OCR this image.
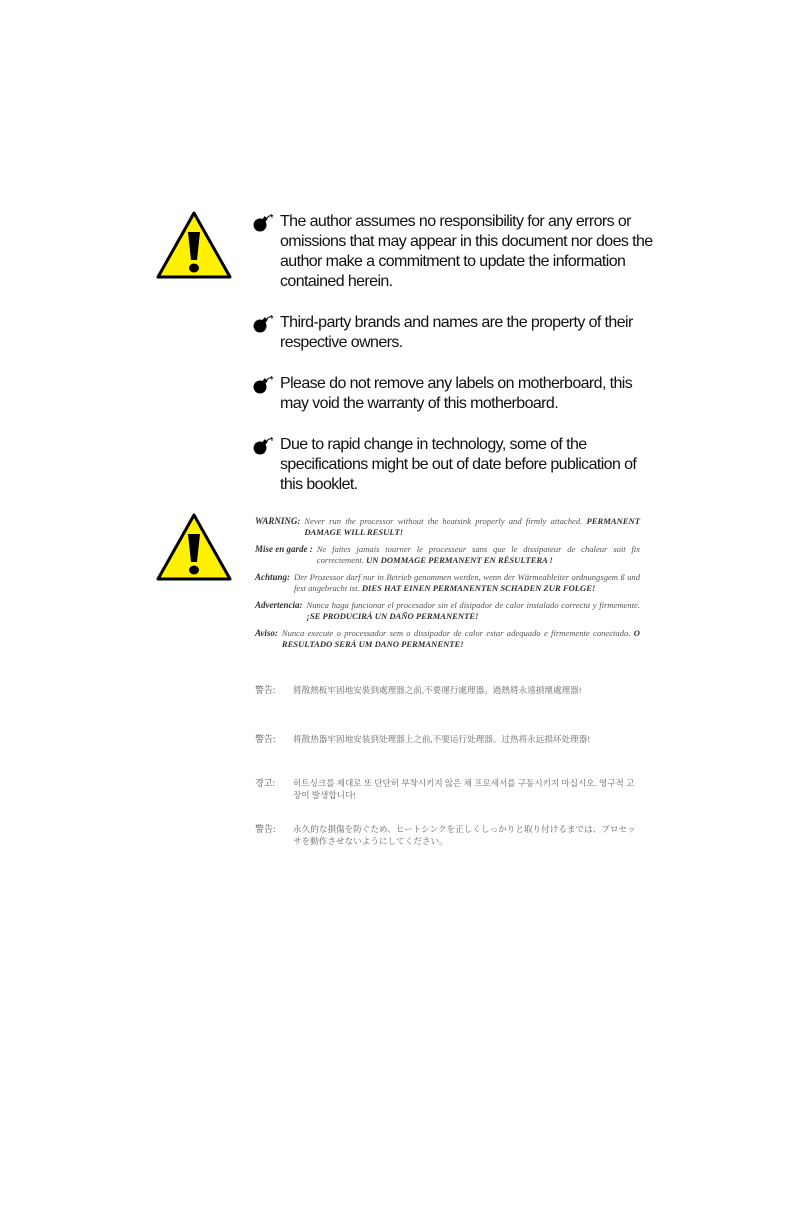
The author assumes no responsibility for any errors or omissions that may appear in this document nor does the author make a commitment to update the information contained herein.
Third-party brands and names are the property of their respective owners.
Please do not remove any labels on motherboard, this may void the warranty of this motherboard.
Due to rapid change in technology, some of the specifications might be out of date before publication of this booklet.
WARNING: Never run the processor without the heatsink properly and firmly attached. PERMANENT DAMAGE WILL RESULT!
Mise en garde : Ne faites jamais tourner le processeur sans que le dissipateur de chaleur soit fix correctement. UN DOMMAGE PERMANENT EN RÉSULTERA !
Achtung: Der Prozessor darf nur in Betrieb genommen werden, wenn der Wärmeableiter ordnungsgem ß und fest angebracht ist. DIES HAT EINEN PERMANENTEN SCHADEN ZUR FOLGE!
Advertencia: Nunca haga funcionar el procesador sin el disipador de calor instalado correcta y firmemente. ¡SE PRODUCIRÁ UN DAÑO PERMANENTE!
Aviso: Nunca execute o processador sem o dissipador de calor estar adequado e firmemente conectado. O RESULTADO SERÁ UM DANO PERMANENTE!
警告:	將散熱板牢固地安裝到處理器之前,不要運行處理器。過熱將永遠損壞處理器!
警告:	将散热器牢固地安装到处理器上之前,不要运行处理器。过热将永远损坏处理器!
경고:	히트싱크를 제대로 또 단단히 부착시키지 않은 채 프로세서를 구동시키지 마십시오. 영구적 고장이 발생합니다!
警告:	永久的な損傷を防ぐため、ヒートシンクを正しくしっかりと取り付けるまでは、プロセッサを動作させないようにしてください。
